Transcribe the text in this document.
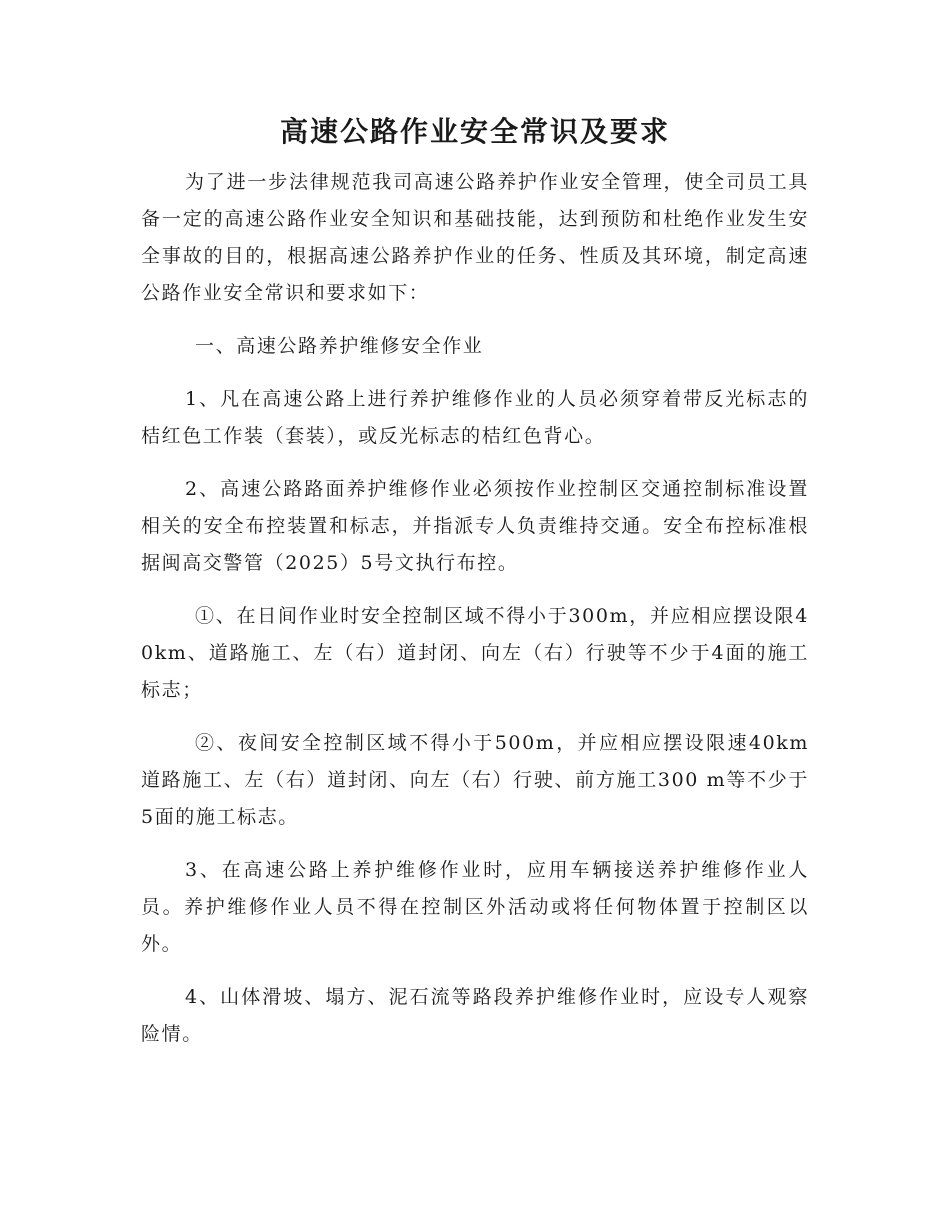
高速公路作业安全常识及要求

为了进一步法律规范我司高速公路养护作业安全管理，使全司员工具备一定的高速公路作业安全知识和基础技能，达到预防和杜绝作业发生安全事故的目的，根据高速公路养护作业的任务、性质及其环境，制定高速公路作业安全常识和要求如下：

一、高速公路养护维修安全作业

1、凡在高速公路上进行养护维修作业的人员必须穿着带反光标志的桔红色工作装（套装），或反光标志的桔红色背心。

2、高速公路路面养护维修作业必须按作业控制区交通控制标准设置相关的安全布控装置和标志，并指派专人负责维持交通。安全布控标准根据闽高交警管（2025）5号文执行布控。

①、在日间作业时安全控制区域不得小于300m，并应相应摆设限40km、道路施工、左（右）道封闭、向左（右）行驶等不少于4面的施工标志；

②、夜间安全控制区域不得小于500m，并应相应摆设限速40km道路施工、左（右）道封闭、向左（右）行驶、前方施工300 m等不少于5面的施工标志。

3、在高速公路上养护维修作业时，应用车辆接送养护维修作业人员。养护维修作业人员不得在控制区外活动或将任何物体置于控制区以外。

4、山体滑坡、塌方、泥石流等路段养护维修作业时，应设专人观察险情。
